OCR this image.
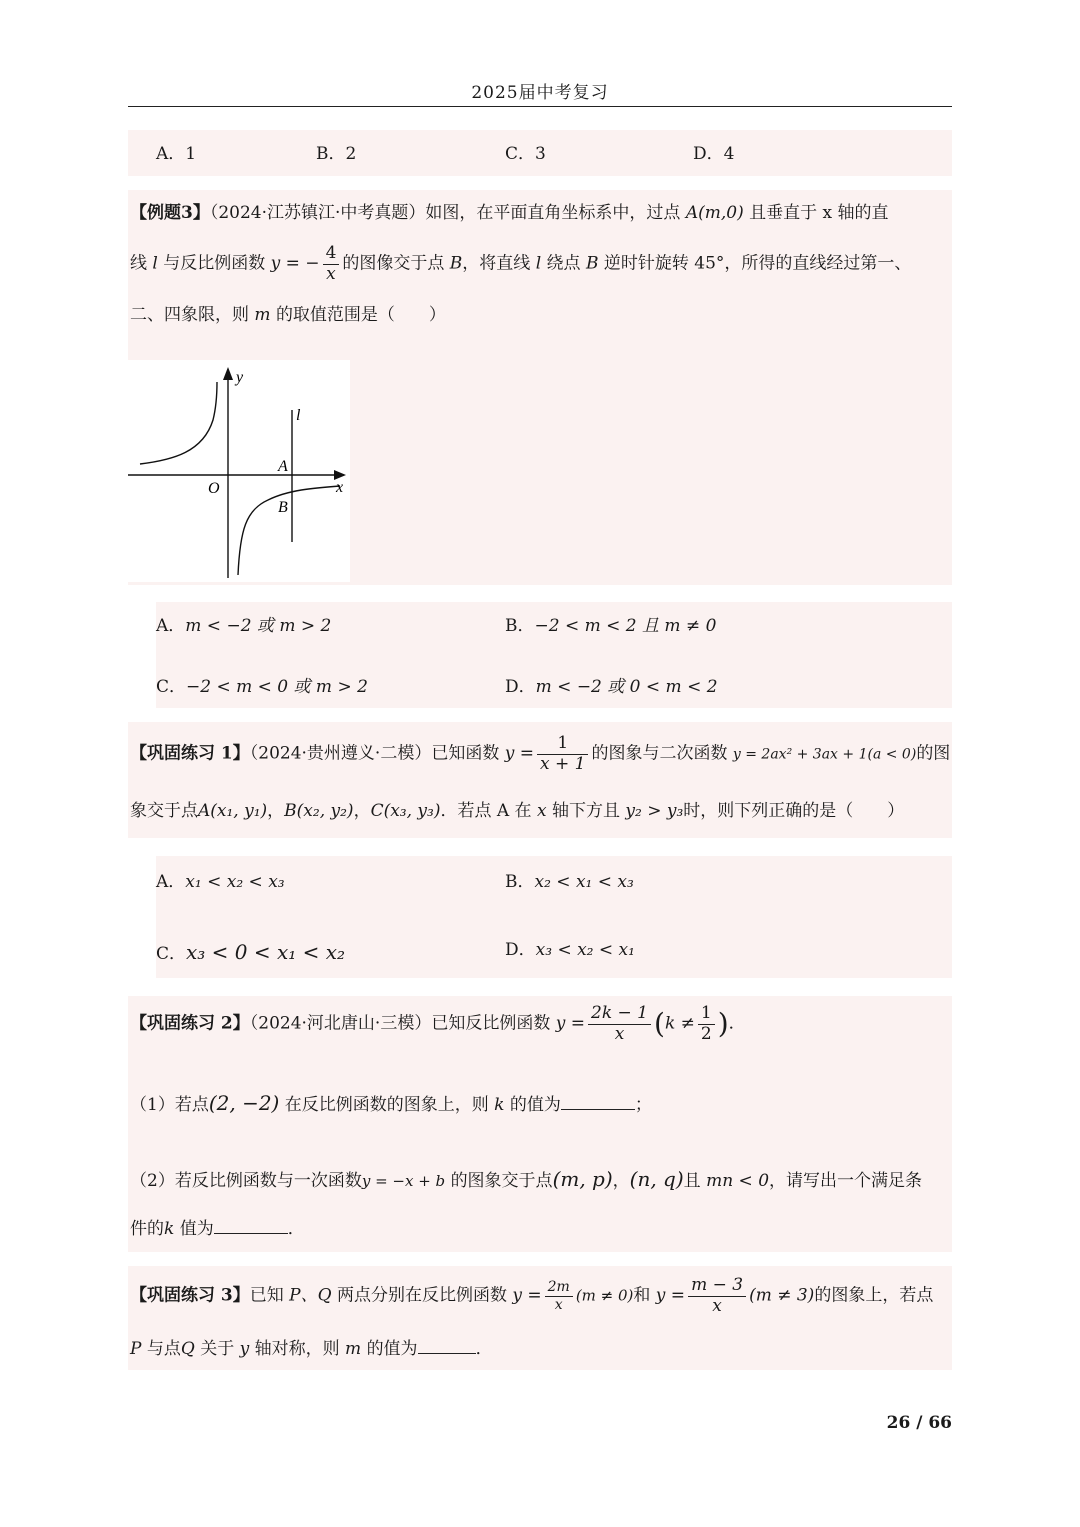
2025届中考复习
A．1	B．2	C．3	D．4
【例题3】（2024·江苏镇江·中考真题）如图，在平面直角坐标系中，过点 A(m,0) 且垂直于 x 轴的直
线 l 与反比例函数 y = − $\frac{4}{x}$ 的图像交于点 B，将直线 l 绕点 B 逆时针旋转 45°，所得的直线经过第一、
二、四象限，则 m 的取值范围是（　　）
y
x
O
l
A
B
A．m < −2 或 m > 2	B．−2 < m < 2 且 m ≠ 0
C．−2 < m < 0 或 m > 2	D．m < −2 或 0 < m < 2
【巩固练习 1】（2024·贵州遵义·二模）已知函数 $y = \frac{1}{x + 1}$ 的图象与二次函数 y = 2ax² + 3ax + 1(a < 0)的图
象交于点A(x₁, y₁)，B(x₂, y₂)，C(x₃, y₃)．若点 A 在 x 轴下方且 y₂ > y₃时，则下列正确的是（　　）
A．x₁ < x₂ < x₃	B．x₂ < x₁ < x₃
C．x₃ < 0 < x₁ < x₂	D．x₃ < x₂ < x₁
【巩固练习 2】（2024·河北唐山·三模）已知反比例函数 $y = \frac{2k - 1}{x} (k \ne \frac{1}{2}$ )．
（1）若点(2, −2) 在反比例函数的图象上，则 k 的值为	；
（2）若反比例函数与一次函数y = −x + b 的图象交于点(m, p)，(n, q)且 mn < 0，请写出一个满足条
件的k 值为	．
【巩固练习 3】已知 P、Q 两点分别在反比例函数 $y = \frac{2m}{x} (m \ne 0)$和 $y = \frac{m - 3}{x} (m \ne 3)$的图象上，若点
P 与点Q 关于 y 轴对称，则 m 的值为	．
26 / 66
